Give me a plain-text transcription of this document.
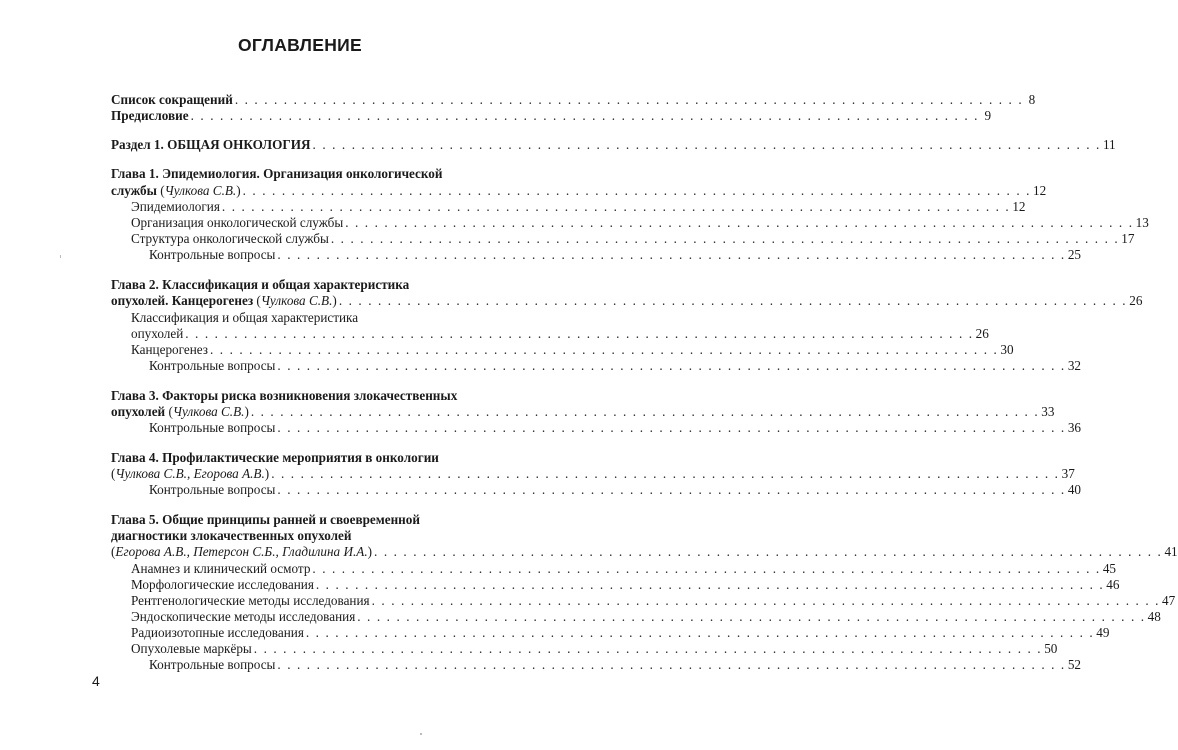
ОГЛАВЛЕНИЕ
Список сокращений . . . . . . . . . . . . . . . . . . . . . . . . . . . . . . . . . . . . . . . . . . . . . . . . . . . . . . . . . . . . . . . . . . . . . . . . . . . . . . . . . 8
Предисловие . . . . . . . . . . . . . . . . . . . . . . . . . . . . . . . . . . . . . . . . . . . . . . . . . . . . . . . . . . . . . . . . . . . . . . . . . . . . . . . . . 9
Раздел 1. ОБЩАЯ ОНКОЛОГИЯ . . . . . . . . . . . . . . . . . . . . . . . . . . . . . . . . . . . . . . . . . . . . . . . . . . . . . . . . . . . . . . . . . . . . . . . . . . . . . . . . . 11
Глава 1. Эпидемиология. Организация онкологической
службы (Чулкова С.В.) . . . . . . . . . . . . . . . . . . . . . . . . . . . . . . . . . . . . . . . . . . . . . . . . . . . . . . . . . . . . . . . . . . . . . . . . . . . . . . . . . 12
Эпидемиология . . . . . . . . . . . . . . . . . . . . . . . . . . . . . . . . . . . . . . . . . . . . . . . . . . . . . . . . . . . . . . . . . . . . . . . . . . . . . . . . . 12
Организация онкологической службы . . . . . . . . . . . . . . . . . . . . . . . . . . . . . . . . . . . . . . . . . . . . . . . . . . . . . . . . . . . . . . . . . . . . . . . . . . . . . . . . . 13
Структура онкологической службы . . . . . . . . . . . . . . . . . . . . . . . . . . . . . . . . . . . . . . . . . . . . . . . . . . . . . . . . . . . . . . . . . . . . . . . . . . . . . . . . . 17
Контрольные вопросы . . . . . . . . . . . . . . . . . . . . . . . . . . . . . . . . . . . . . . . . . . . . . . . . . . . . . . . . . . . . . . . . . . . . . . . . . . . . . . . . . 25
Глава 2. Классификация и общая характеристика
опухолей. Канцерогенез (Чулкова С.В.) . . . . . . . . . . . . . . . . . . . . . . . . . . . . . . . . . . . . . . . . . . . . . . . . . . . . . . . . . . . . . . . . . . . . . . . . . . . . . . . . . 26
Классификация и общая характеристика
опухолей . . . . . . . . . . . . . . . . . . . . . . . . . . . . . . . . . . . . . . . . . . . . . . . . . . . . . . . . . . . . . . . . . . . . . . . . . . . . . . . . . 26
Канцерогенез . . . . . . . . . . . . . . . . . . . . . . . . . . . . . . . . . . . . . . . . . . . . . . . . . . . . . . . . . . . . . . . . . . . . . . . . . . . . . . . . . 30
Контрольные вопросы . . . . . . . . . . . . . . . . . . . . . . . . . . . . . . . . . . . . . . . . . . . . . . . . . . . . . . . . . . . . . . . . . . . . . . . . . . . . . . . . . 32
Глава 3. Факторы риска возникновения злокачественных
опухолей (Чулкова С.В.) . . . . . . . . . . . . . . . . . . . . . . . . . . . . . . . . . . . . . . . . . . . . . . . . . . . . . . . . . . . . . . . . . . . . . . . . . . . . . . . . . 33
Контрольные вопросы . . . . . . . . . . . . . . . . . . . . . . . . . . . . . . . . . . . . . . . . . . . . . . . . . . . . . . . . . . . . . . . . . . . . . . . . . . . . . . . . . 36
Глава 4. Профилактические мероприятия в онкологии
(Чулкова С.В., Егорова А.В.) . . . . . . . . . . . . . . . . . . . . . . . . . . . . . . . . . . . . . . . . . . . . . . . . . . . . . . . . . . . . . . . . . . . . . . . . . . . . . . . . . 37
Контрольные вопросы . . . . . . . . . . . . . . . . . . . . . . . . . . . . . . . . . . . . . . . . . . . . . . . . . . . . . . . . . . . . . . . . . . . . . . . . . . . . . . . . . 40
Глава 5. Общие принципы ранней и своевременной
диагностики злокачественных опухолей
(Егорова А.В., Петерсон С.Б., Гладилина И.А.) . . . . . . . . . . . . . . . . . . . . . . . . . . . . . . . . . . . . . . . . . . . . . . . . . . . . . . . . . . . . . . . . . . . . . . . . . . . . . . . . . 41
Анамнез и клинический осмотр . . . . . . . . . . . . . . . . . . . . . . . . . . . . . . . . . . . . . . . . . . . . . . . . . . . . . . . . . . . . . . . . . . . . . . . . . . . . . . . . . 45
Морфологические исследования . . . . . . . . . . . . . . . . . . . . . . . . . . . . . . . . . . . . . . . . . . . . . . . . . . . . . . . . . . . . . . . . . . . . . . . . . . . . . . . . . 46
Рентгенологические методы исследования . . . . . . . . . . . . . . . . . . . . . . . . . . . . . . . . . . . . . . . . . . . . . . . . . . . . . . . . . . . . . . . . . . . . . . . . . . . . . . . . . 47
Эндоскопические методы исследования . . . . . . . . . . . . . . . . . . . . . . . . . . . . . . . . . . . . . . . . . . . . . . . . . . . . . . . . . . . . . . . . . . . . . . . . . . . . . . . . . 48
Радиоизотопные исследования . . . . . . . . . . . . . . . . . . . . . . . . . . . . . . . . . . . . . . . . . . . . . . . . . . . . . . . . . . . . . . . . . . . . . . . . . . . . . . . . . 49
Опухолевые маркёры . . . . . . . . . . . . . . . . . . . . . . . . . . . . . . . . . . . . . . . . . . . . . . . . . . . . . . . . . . . . . . . . . . . . . . . . . . . . . . . . . 50
Контрольные вопросы . . . . . . . . . . . . . . . . . . . . . . . . . . . . . . . . . . . . . . . . . . . . . . . . . . . . . . . . . . . . . . . . . . . . . . . . . . . . . . . . . 52
4
